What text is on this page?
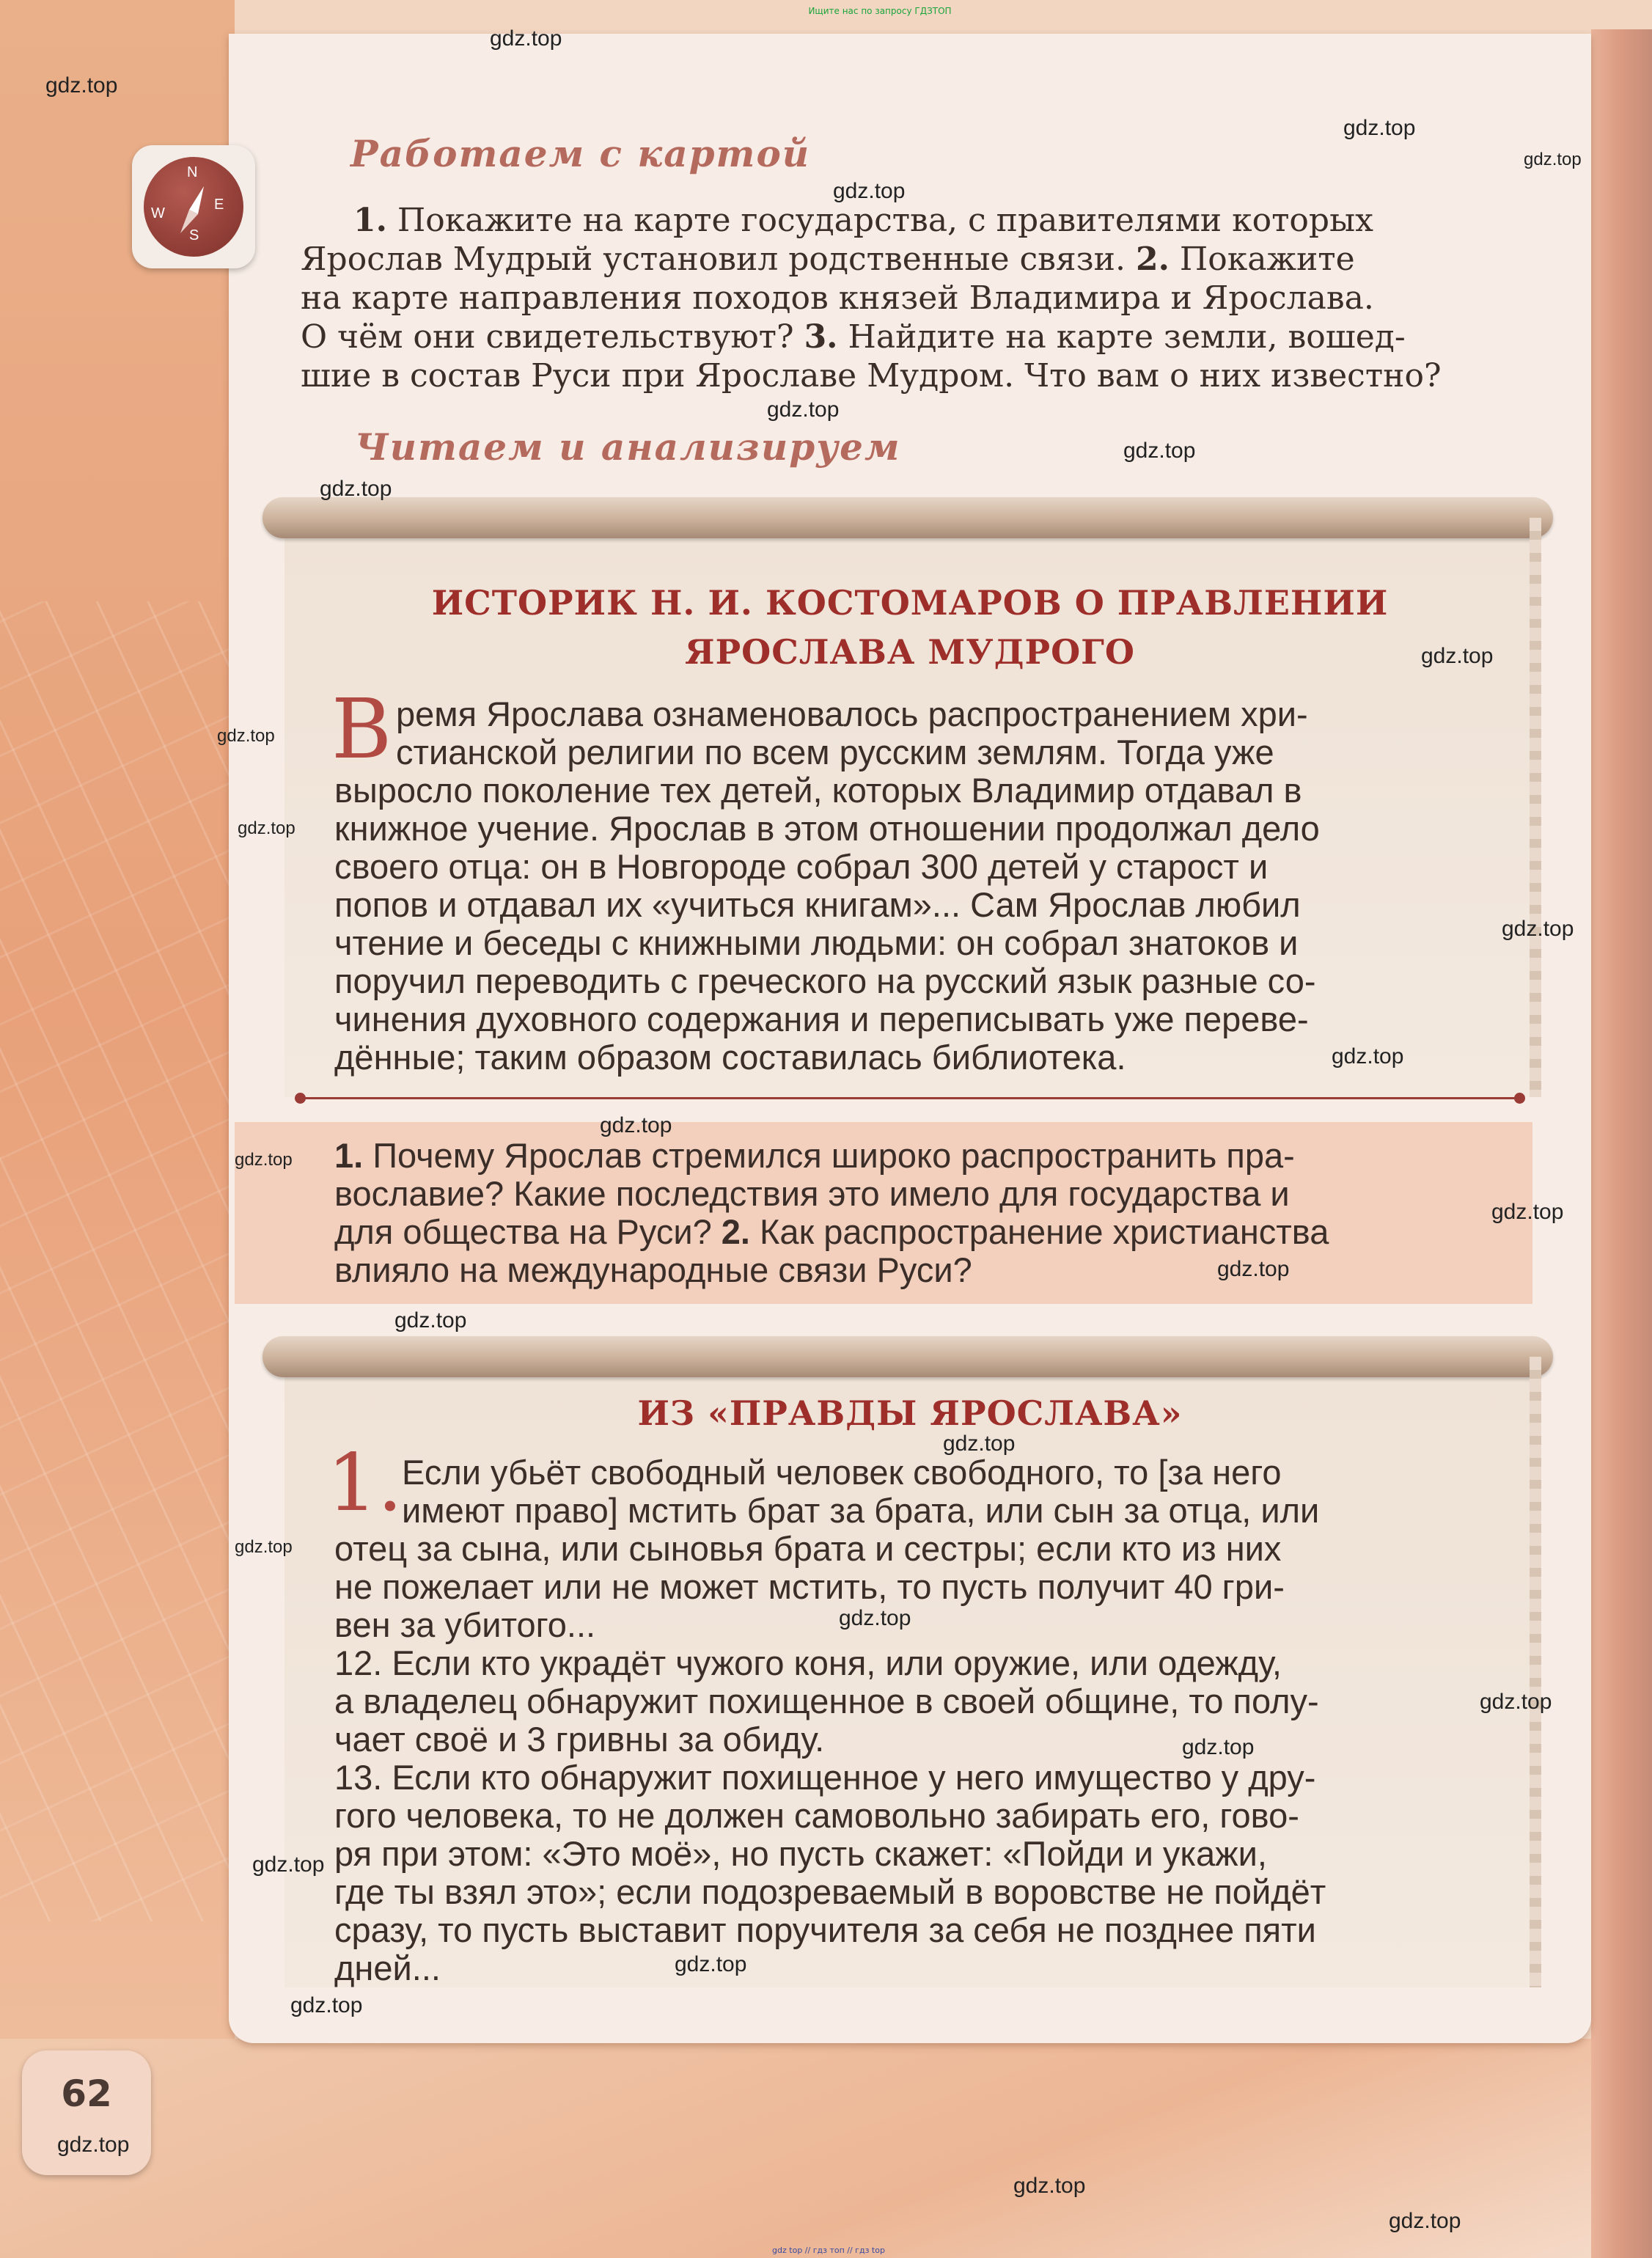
Ищите нас по запросу ГДЗТОП
N
E
S
W
Работаем с картой
1. Покажите на карте государства, с правителями которых
Ярослав Мудрый установил родственные связи. 2. Покажите
на карте направления походов князей Владимира и Ярослава.
О чём они свидетельствуют? 3. Найдите на карте земли, вошед-
шие в состав Руси при Ярославе Мудром. Что вам о них известно?
Читаем и анализируем
ИСТОРИК Н. И. КОСТОМАРОВ О ПРАВЛЕНИИ
ЯРОСЛАВА МУДРОГО
В ремя Ярослава ознаменовалось распространением хри-
стианской религии по всем русским землям. Тогда уже
выросло поколение тех детей, которых Владимир отдавал в
книжное учение. Ярослав в этом отношении продолжал дело
своего отца: он в Новгороде собрал 300 детей у старост и
попов и отдавал их «учиться книгам»... Сам Ярослав любил
чтение и беседы с книжными людьми: он собрал знатоков и
поручил переводить с греческого на русский язык разные со-
чинения духовного содержания и переписывать уже переве-
дённые; таким образом составилась библиотека.
1. Почему Ярослав стремился широко распространить пра-
вославие? Какие последствия это имело для государства и
для общества на Руси? 2. Как распространение христианства
влияло на международные связи Руси?
ИЗ «ПРАВДЫ ЯРОСЛАВА»
1.
Если убьёт свободный человек свободного, то [за него
имеют право] мстить брат за брата, или сын за отца, или
отец за сына, или сыновья брата и сестры; если кто из них
не пожелает или не может мстить, то пусть получит 40 гри-
вен за убитого...
12. Если кто украдёт чужого коня, или оружие, или одежду,
а владелец обнаружит похищенное в своей общине, то полу-
чает своё и 3 гривны за обиду.
13. Если кто обнаружит похищенное у него имущество у дру-
гого человека, то не должен самовольно забирать его, гово-
ря при этом: «Это моё», но пусть скажет: «Пойди и укажи,
где ты взял это»; если подозреваемый в воровстве не пойдёт
сразу, то пусть выставит поручителя за себя не позднее пяти
дней...
62
gdz.top
gdz.top
gdz.top
gdz.top
gdz.top
gdz.top
gdz.top
gdz.top
gdz.top
gdz.top
gdz.top
gdz.top
gdz.top
gdz.top
gdz.top
gdz.top
gdz.top
gdz.top
gdz.top
gdz.top
gdz.top
gdz.top
gdz.top
gdz.top
gdz.top
gdz.top
gdz.top
gdz.top
gdz.top
gdz top // гдз топ // гдз top
